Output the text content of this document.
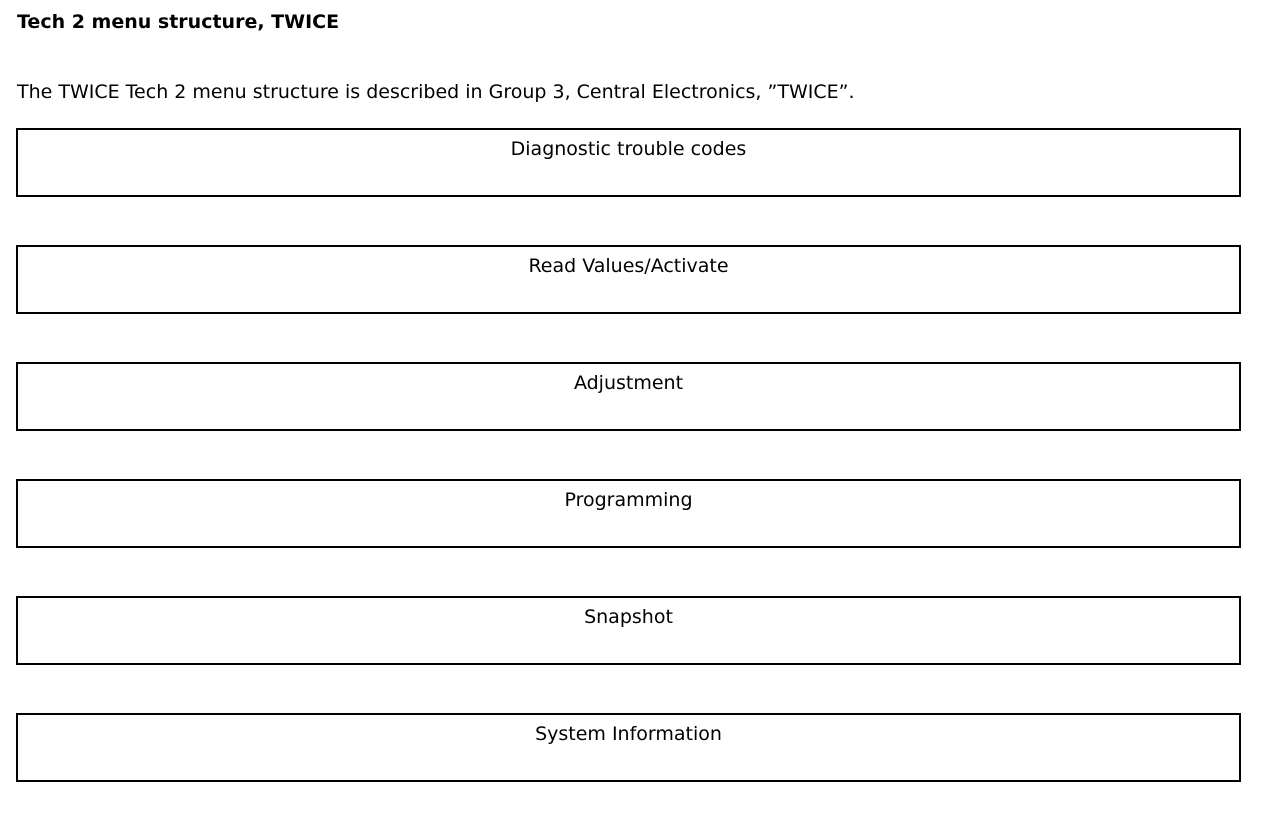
Tech 2 menu structure, TWICE

The TWICE Tech 2 menu structure is described in Group 3, Central Electronics, ”TWICE”.

Diagnostic trouble codes
Read Values/Activate
Adjustment
Programming
Snapshot
System Information
